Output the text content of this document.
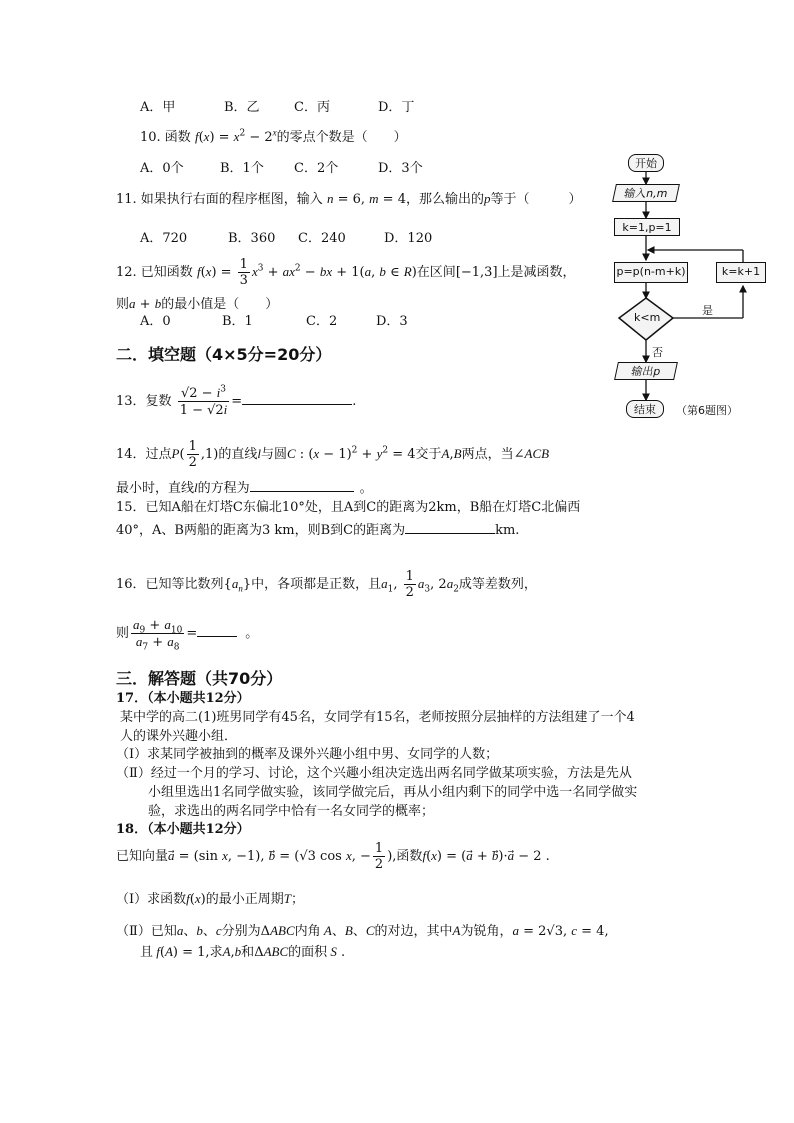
A．甲	B．乙	C．丙	D．丁
10. 函数 $f(x) = x^2 - 2^x$的零点个数是（　　）
A．0个	B．1个 C．2个	D．3个
11. 如果执行右面的程序框图，输入 n = 6, m = 4，那么输出的p等于（　　　）
A．720	B．360 C．240	D．120
12. 已知函数 $f(x) = \frac{1}{3} x^3 + ax^2$ − bx + 1(a, b ∈ R)在区间[−1,3]上是减函数，
则a + b的最小值是（　　）
A．0	B．1	C．2	D．3
二．填空题（4×5分=20分）
13．复数 $\frac{√2 - i^3}{1 - √2i}$ =	.
14．过点$P( \frac{1}{2} ,1)$的直线l与圆C : $(x - 1)^2 + y^2 = 4$交于A,B两点，当∠ACB
最小时，直线l的方程为	。
15．已知A船在灯塔C东偏北10°处，且A到C的距离为2km，B船在灯塔C北偏西
40°，A、B两船的距离为3 km，则B到C的距离为	km.
16．已知等比数列$\{a_n\}$中，各项都是正数，且$a_1$, $\frac{1}{2} a_3$, $2a_2$成等差数列，
则 $\frac{a_9 + a_{10}}{a_7 + a_8}$ =	。
三．解答题（共70分）
17．（本小题共12分）
某中学的高二(1)班男同学有45名，女同学有15名，老师按照分层抽样的方法组建了一个4
人的课外兴趣小组．
（Ⅰ）求某同学被抽到的概率及课外兴趣小组中男、女同学的人数；
（Ⅱ）经过一个月的学习、讨论，这个兴趣小组决定选出两名同学做某项实验，方法是先从
小组里选出1名同学做实验，该同学做完后，再从小组内剩下的同学中选一名同学做实
验，求选出的两名同学中恰有一名女同学的概率；
18．（本小题共12分）
已知向量a⃗ = (sin x, −1), b⃗ = (√3 cos x, − $\frac{1}{2}$ ),函数f(x) = (a⃗ + b⃗)·a⃗ − 2 .
（Ⅰ）求函数f(x)的最小正周期T；
（Ⅱ）已知a、b、c分别为ΔABC内角 A、B、C的对边，其中A为锐角，a = 2√3, c = 4,
且 f(A) = 1,求A,b和ΔABC的面积 S .
开始
输入n,m
k=1,p=1
p=p(n-m+k)	k=k+1
k<m
是
否
输出p
结束	（第6题图）
